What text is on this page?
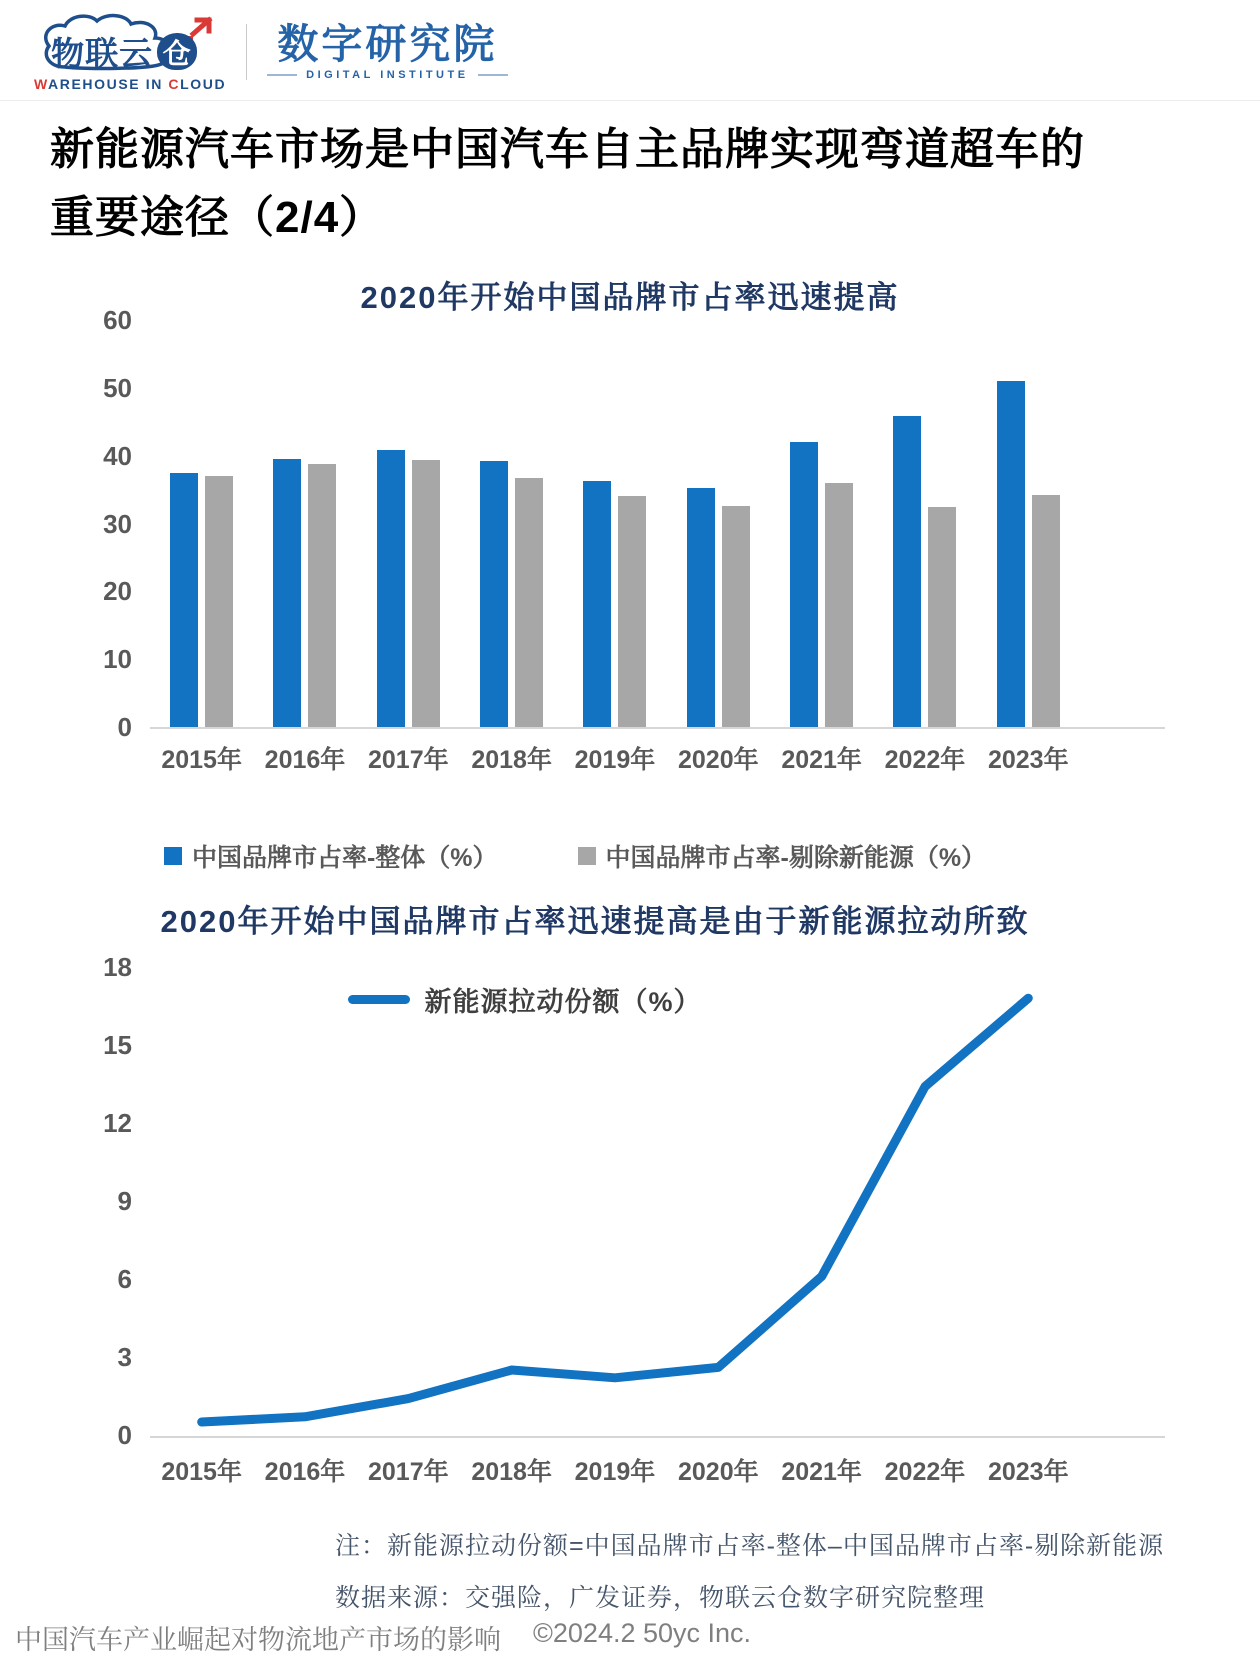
物联云 仓
WAREHOUSE IN CLOUD
数字研究院
DIGITAL INSTITUTE
新能源汽车市场是中国汽车自主品牌实现弯道超车的
重要途径（2/4）
2020年开始中国品牌市占率迅速提高
2015年 2016年 2017年 2018年 2019年 2020年 2021年 2022年 2023年
中国品牌市占率-整体（%）	中国品牌市占率-剔除新能源（%）
2020年开始中国品牌市占率迅速提高是由于新能源拉动所致
新能源拉动份额（%）
2015年 2016年 2017年 2018年 2019年 2020年 2021年 2022年 2023年
注：新能源拉动份额=中国品牌市占率-整体–中国品牌市占率-剔除新能源
数据来源：交强险，广发证券，物联云仓数字研究院整理
中国汽车产业崛起对物流地产市场的影响 ©2024.2 50yc Inc.
0
10
20
30
40
50
60
0
3
6
9
12
15
18
